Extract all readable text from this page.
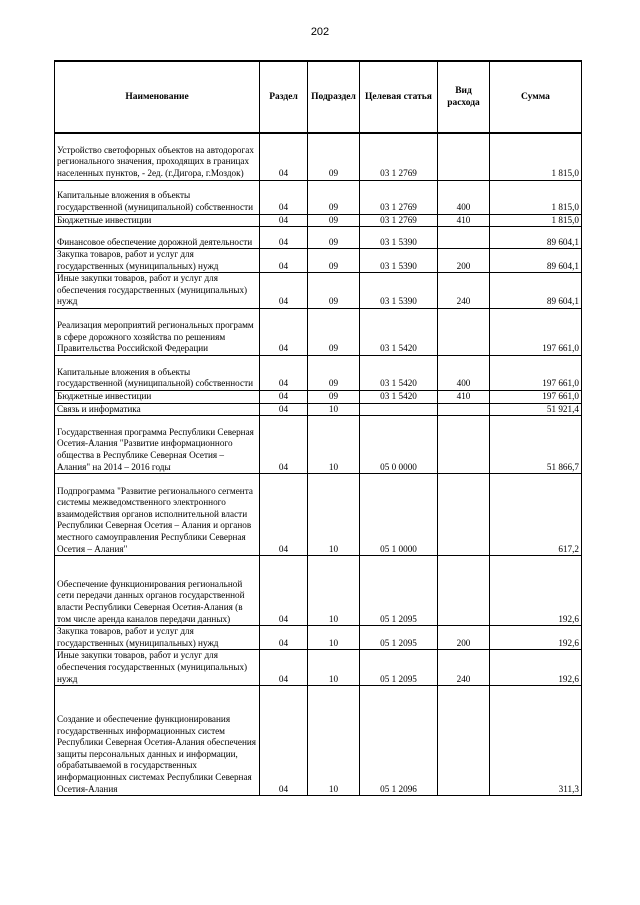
202
Наименование	Раздел	Подраздел	Целевая статья	Вид расхода	Сумма
Устройство светофорных объектов на автодорогах регионального значения, проходящих в границах населенных пунктов, - 2ед. (г.Дигора, г.Моздок)	04	09	03 1 2769		1 815,0
Капитальные вложения в объекты государственной (муниципальной) собственности	04	09	03 1 2769	400	1 815,0
Бюджетные инвестиции	04	09	03 1 2769	410	1 815,0
Финансовое обеспечение дорожной деятельности	04	09	03 1 5390		89 604,1
Закупка товаров, работ и услуг для государственных (муниципальных) нужд	04	09	03 1 5390	200	89 604,1
Иные закупки товаров, работ и услуг для обеспечения государственных (муниципальных) нужд	04	09	03 1 5390	240	89 604,1
Реализация мероприятий региональных программ в сфере дорожного хозяйства по решениям Правительства Российской Федерации	04	09	03 1 5420		197 661,0
Капитальные вложения в объекты государственной (муниципальной) собственности	04	09	03 1 5420	400	197 661,0
Бюджетные инвестиции	04	09	03 1 5420	410	197 661,0
Связь и информатика	04	10			51 921,4
Государственная программа Республики Северная Осетия-Алания "Развитие информационного общества в Республике Северная Осетия – Алания" на 2014 – 2016 годы	04	10	05 0 0000		51 866,7
Подпрограмма "Развитие регионального сегмента системы межведомственного электронного взаимодействия органов исполнительной власти Республики Северная Осетия – Алания и органов местного самоуправления Республики Северная Осетия – Алания"	04	10	05 1 0000		617,2
Обеспечение функционирования региональной сети передачи данных органов государственной власти Республики Северная Осетия-Алания (в том числе аренда каналов передачи данных)	04	10	05 1 2095		192,6
Закупка товаров, работ и услуг для государственных (муниципальных) нужд	04	10	05 1 2095	200	192,6
Иные закупки товаров, работ и услуг для обеспечения государственных (муниципальных) нужд	04	10	05 1 2095	240	192,6
Создание и обеспечение функционирования государственных информационных систем Республики Северная Осетия-Алания обеспечения защиты персональных данных и информации, обрабатываемой в государственных информационных системах Республики Северная Осетия-Алания	04	10	05 1 2096		311,3
